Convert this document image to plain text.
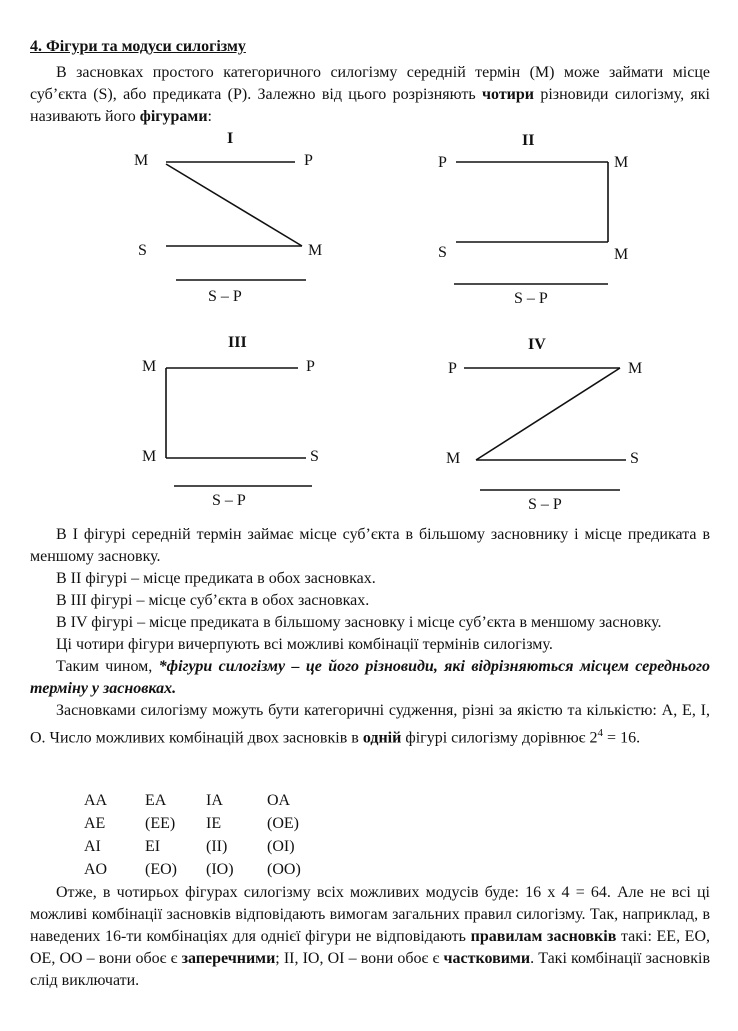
4. Фігури та модуси силогізму

В засновках простого категоричного силогізму середній термін (M) може займати місце суб’єкта (S), або предиката (P). Залежно від цього розрізняють чотири різновиди силогізму, які називають його фігурами:

I
M	P
S	M
S – P
II
P	M
S	M
S – P
III
M	P
M	S
S – P
IV
P	M
M	S
S – P

В І фігурі середній термін займає місце суб’єкта в більшому засновнику і місце предиката в меншому засновку.

В ІІ фігурі – місце предиката в обох засновках.

В ІІІ фігурі – місце суб’єкта в обох засновках.

В IV фігурі – місце предиката в більшому засновку і місце суб’єкта в меншому засновку.

Ці чотири фігури вичерпують всі можливі комбінації термінів силогізму.

Таким чином, *фігури силогізму – це його різновиди, які відрізняються місцем середнього терміну у засновках.

Засновками силогізму можуть бути категоричні судження, різні за якістю та кількістю: А, Е, І, О. Число можливих комбінацій двох засновків в одній фігурі силогізму дорівнює $2^4 = 16$.

AA	EA	IA	OA
AE	(EE)	IE	(OE)
AI	EI	(II)	(OI)
AO	(EO)	(IO)	(OO)

Отже, в чотирьох фігурах силогізму всіх можливих модусів буде: 16 х 4 = 64. Але не всі ці можливі комбінації засновків відповідають вимогам загальних правил силогізму. Так, наприклад, в наведених 16-ти комбінаціях для однієї фігури не відповідають правилам засновків такі: ЕЕ, ЕО, ОЕ, ОО – вони обоє є заперечними; ІІ, ІО, ОІ – вони обоє є частковими. Такі комбінації засновків слід виключати.
